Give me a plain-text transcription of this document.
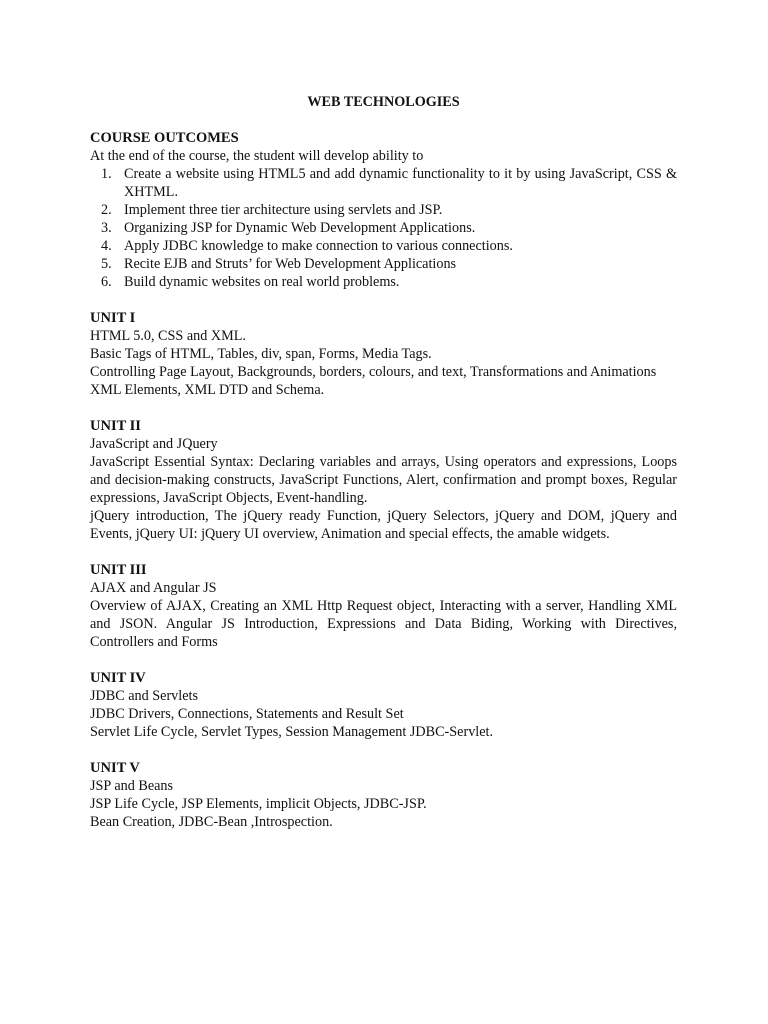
WEB TECHNOLOGIES
COURSE OUTCOMES
At the end of the course, the student will develop ability to
1. Create a website using HTML5 and add dynamic functionality to it by using JavaScript, CSS & XHTML.
2. Implement three tier architecture using servlets and JSP.
3. Organizing JSP for Dynamic Web Development Applications.
4. Apply JDBC knowledge to make connection to various connections.
5. Recite EJB and Struts’ for Web Development Applications
6. Build dynamic websites on real world problems.
UNIT I
HTML 5.0, CSS and XML.
Basic Tags of HTML, Tables, div, span, Forms, Media Tags.
Controlling Page Layout, Backgrounds, borders, colours, and text, Transformations and Animations
XML Elements, XML DTD and Schema.
UNIT II
JavaScript and JQuery
JavaScript Essential Syntax: Declaring variables and arrays, Using operators and expressions, Loops and decision-making constructs, JavaScript Functions, Alert, confirmation and prompt boxes, Regular expressions, JavaScript Objects, Event-handling.
jQuery introduction, The jQuery ready Function, jQuery Selectors, jQuery and DOM, jQuery and Events, jQuery UI: jQuery UI overview, Animation and special effects, the amable widgets.
UNIT III
AJAX and Angular JS
Overview of AJAX, Creating an XML Http Request object, Interacting with a server, Handling XML and JSON. Angular JS Introduction, Expressions and Data Biding, Working with Directives, Controllers and Forms
UNIT IV
JDBC and Servlets
JDBC Drivers, Connections, Statements and Result Set
Servlet Life Cycle, Servlet Types, Session Management JDBC-Servlet.
UNIT V
JSP and Beans
JSP Life Cycle, JSP Elements, implicit Objects, JDBC-JSP.
Bean Creation, JDBC-Bean ,Introspection.
